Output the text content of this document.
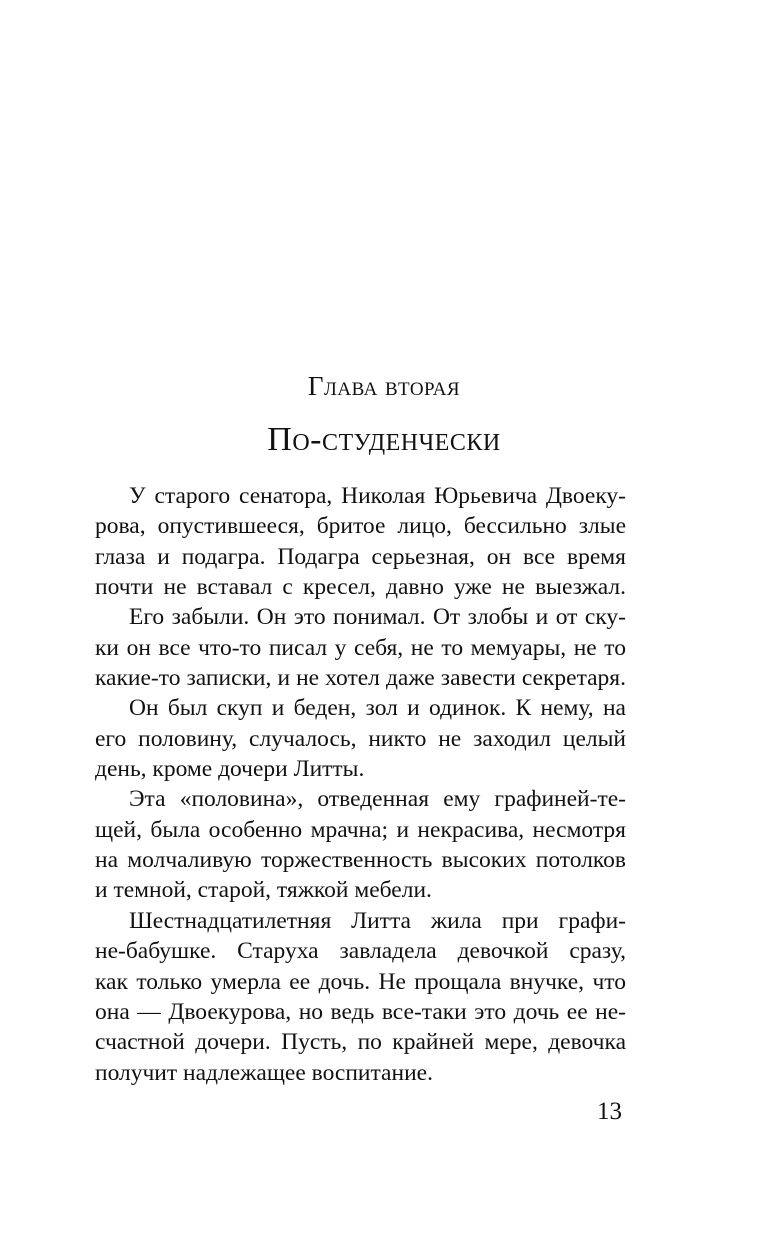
Глава вторая
По-студенчески
У старого сенатора, Николая Юрьевича Двоеку-
рова, опустившееся, бритое лицо, бессильно злые
глаза и подагра. Подагра серьезная, он все время
почти не вставал с кресел, давно уже не выезжал.
Его забыли. Он это понимал. От злобы и от ску-
ки он все что-то писал у себя, не то мемуары, не то
какие-то записки, и не хотел даже завести секретаря.
Он был скуп и беден, зол и одинок. К нему, на
его половину, случалось, никто не заходил целый
день, кроме дочери Литты.
Эта «половина», отведенная ему графиней-те-
щей, была особенно мрачна; и некрасива, несмотря
на молчаливую торжественность высоких потолков
и темной, старой, тяжкой мебели.
Шестнадцатилетняя Литта жила при графи-
не-бабушке. Старуха завладела девочкой сразу,
как только умерла ее дочь. Не прощала внучке, что
она — Двоекурова, но ведь все-таки это дочь ее не-
счастной дочери. Пусть, по крайней мере, девочка
получит надлежащее воспитание.
13
